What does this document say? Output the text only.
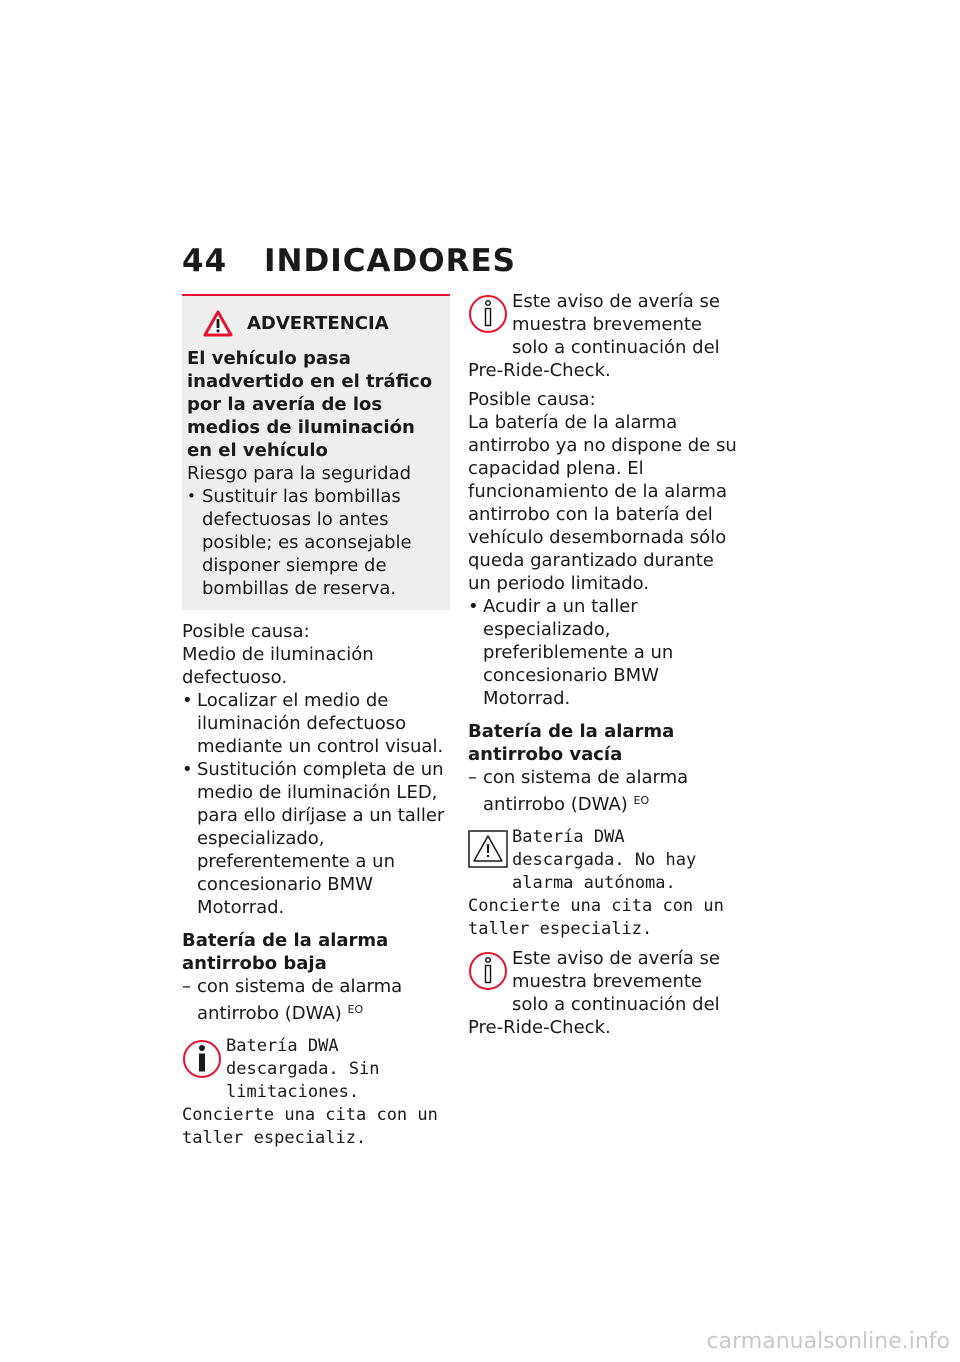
44 INDICADORES
ADVERTENCIA

El vehículo pasa inadvertido en el tráfico por la avería de los medios de iluminación en el vehículo

Riesgo para la seguridad

• Sustituir las bombillas defectuosas lo antes posible; es aconsejable disponer siempre de bombillas de reserva.

Posible causa:

Medio de iluminación defectuoso.

• Localizar el medio de iluminación defectuoso mediante un control visual.
• Sustitución completa de un medio de iluminación LED, para ello diríjase a un taller especializado, preferentemente a un concesionario BMW Motorrad.

Batería de la alarma antirrobo baja

– con sistema de alarma antirrobo (DWA) $^{EO}$
Batería DWA descargada. Sin limitaciones. Concierte una cita con un taller especializ.

Este aviso de avería se muestra brevemente solo a continuación del Pre-Ride-Check.

Posible causa:

La batería de la alarma antirrobo ya no dispone de su capacidad plena. El funcionamiento de la alarma antirrobo con la batería del vehículo desembornada sólo queda garantizado durante un periodo limitado.

• Acudir a un taller especializado, preferiblemente a un concesionario BMW Motorrad.

Batería de la alarma antirrobo vacía

– con sistema de alarma antirrobo (DWA) $^{EO}$
Batería DWA descargada. No hay alarma autónoma. Concierte una cita con un taller especializ.

Este aviso de avería se muestra brevemente solo a continuación del Pre-Ride-Check.

carmanualsonline.info
